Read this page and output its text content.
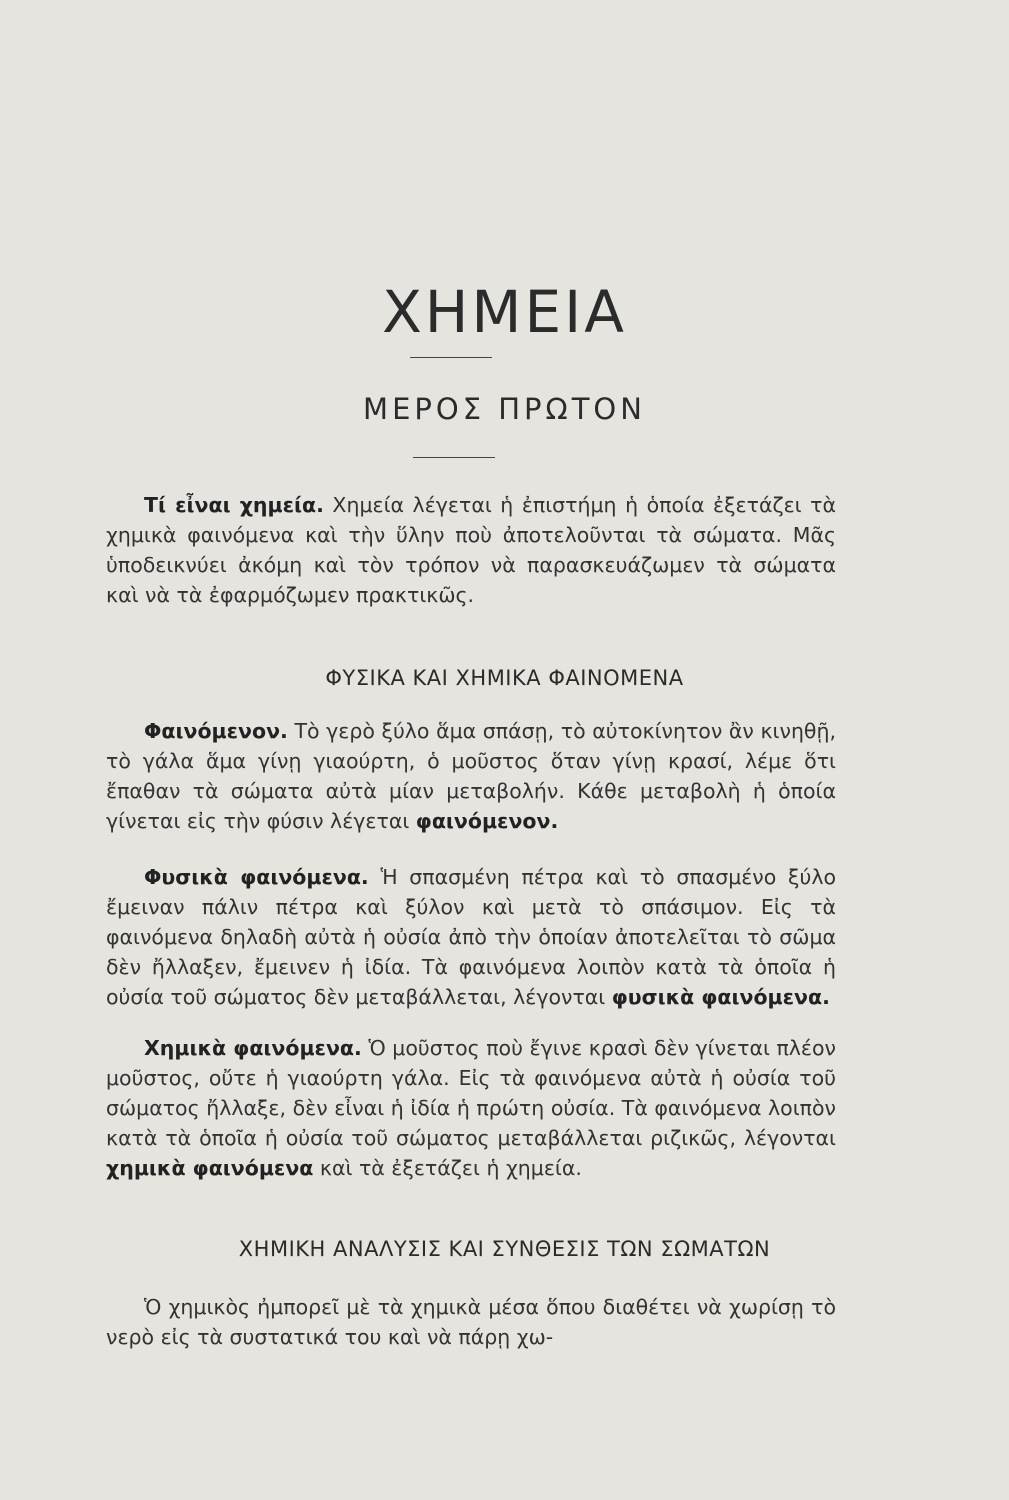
ΧΗΜΕΙΑ
ΜΕΡΟΣ ΠΡΩΤΟΝ

Τί εἶναι χημεία. Χημεία λέγεται ἡ ἐπιστήμη ἡ ὁποία ἐξετάζει τὰ χημικὰ φαινόμενα καὶ τὴν ὕλην ποὺ ἀποτελοῦνται τὰ σώματα. Μᾶς ὑποδεικνύει ἀκόμη καὶ τὸν τρόπον νὰ παρασκευάζωμεν τὰ σώματα καὶ νὰ τὰ ἐφαρμόζωμεν πρακτικῶς.

ΦΥΣΙΚΑ ΚΑΙ ΧΗΜΙΚΑ ΦΑΙΝΟΜΕΝΑ

Φαινόμενον. Τὸ γερὸ ξύλο ἅμα σπάσῃ, τὸ αὐτοκίνητον ἂν κινηθῇ, τὸ γάλα ἅμα γίνῃ γιαούρτη, ὁ μοῦστος ὅταν γίνῃ κρασί, λέμε ὅτι ἔπαθαν τὰ σώματα αὐτὰ μίαν μεταβολήν. Κάθε μεταβολὴ ἡ ὁποία γίνεται εἰς τὴν φύσιν λέγεται φαινόμενον.

Φυσικὰ φαινόμενα. Ἡ σπασμένη πέτρα καὶ τὸ σπασμένο ξύλο ἔμειναν πάλιν πέτρα καὶ ξύλον καὶ μετὰ τὸ σπάσιμον. Εἰς τὰ φαινόμενα δηλαδὴ αὐτὰ ἡ οὐσία ἀπὸ τὴν ὁποίαν ἀποτελεῖται τὸ σῶμα δὲν ἤλλαξεν, ἔμεινεν ἡ ἰδία. Τὰ φαινόμενα λοιπὸν κατὰ τὰ ὁποῖα ἡ οὐσία τοῦ σώματος δὲν μεταβάλλεται, λέγονται φυσικὰ φαινόμενα.

Χημικὰ φαινόμενα. Ὁ μοῦστος ποὺ ἔγινε κρασὶ δὲν γίνεται πλέον μοῦστος, οὔτε ἡ γιαούρτη γάλα. Εἰς τὰ φαινόμενα αὐτὰ ἡ οὐσία τοῦ σώματος ἤλλαξε, δὲν εἶναι ἡ ἰδία ἡ πρώτη οὐσία. Τὰ φαινόμενα λοιπὸν κατὰ τὰ ὁποῖα ἡ οὐσία τοῦ σώματος μεταβάλλεται ριζικῶς, λέγονται χημικὰ φαινόμενα καὶ τὰ ἐξετάζει ἡ χημεία.

ΧΗΜΙΚΗ ΑΝΑΛΥΣΙΣ ΚΑΙ ΣΥΝΘΕΣΙΣ ΤΩΝ ΣΩΜΑΤΩΝ

Ὁ χημικὸς ἠμπορεῖ μὲ τὰ χημικὰ μέσα ὅπου διαθέτει νὰ χωρίσῃ τὸ νερὸ εἰς τὰ συστατικά του καὶ νὰ πάρῃ χω-
